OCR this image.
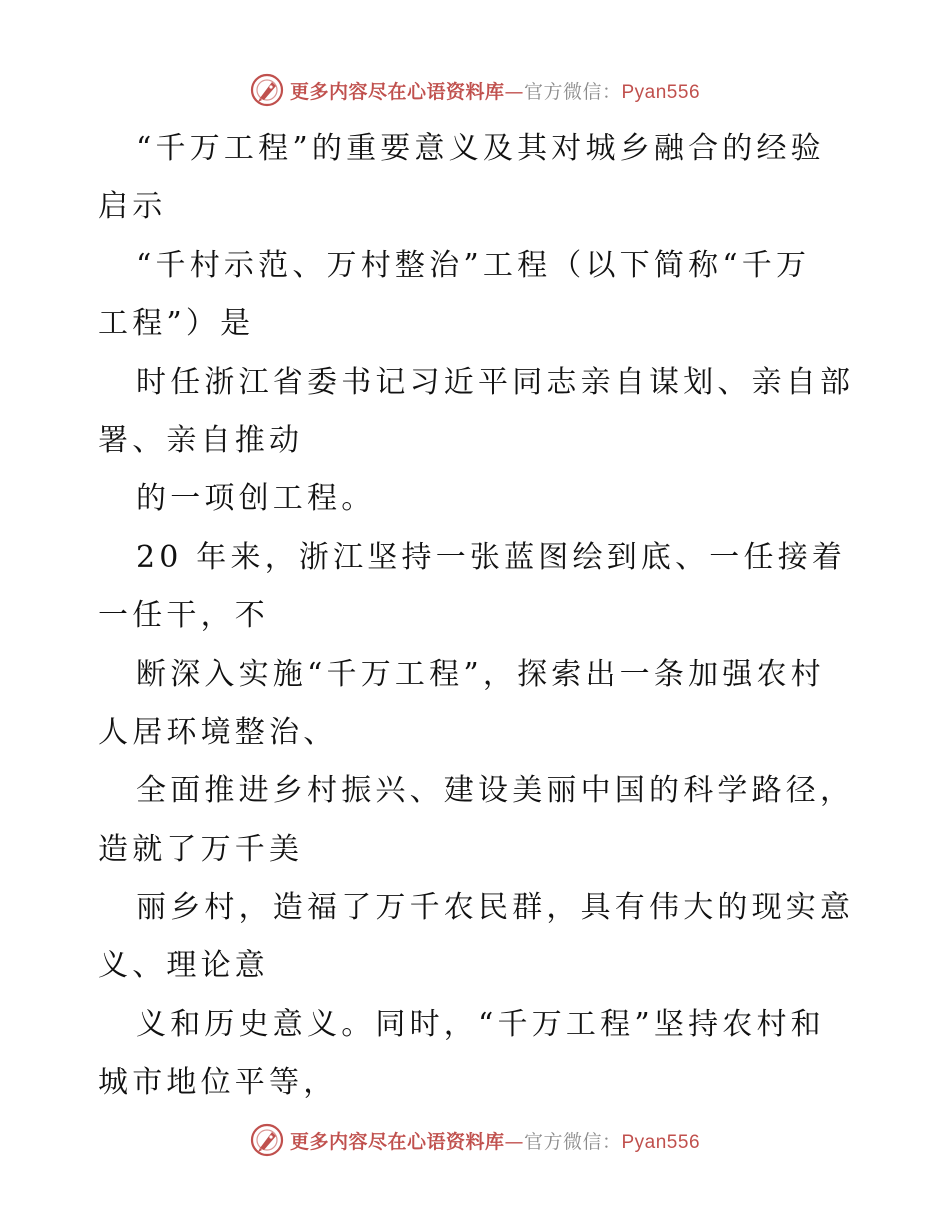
更多内容尽在心语资料库—官方微信：Pyan556
“千万工程”的重要意义及其对城乡融合的经验
启示
“千村示范、万村整治”工程（以下简称“千万
工程”）是
时任浙江省委书记习近平同志亲自谋划、亲自部
署、亲自推动
的一项创工程。
20 年来，浙江坚持一张蓝图绘到底、一任接着
一任干，不
断深入实施“千万工程”，探索出一条加强农村
人居环境整治、
全面推进乡村振兴、建设美丽中国的科学路径，
造就了万千美
丽乡村，造福了万千农民群，具有伟大的现实意
义、理论意
义和历史意义。同时，“千万工程”坚持农村和
城市地位平等，
更多内容尽在心语资料库—官方微信：Pyan556
